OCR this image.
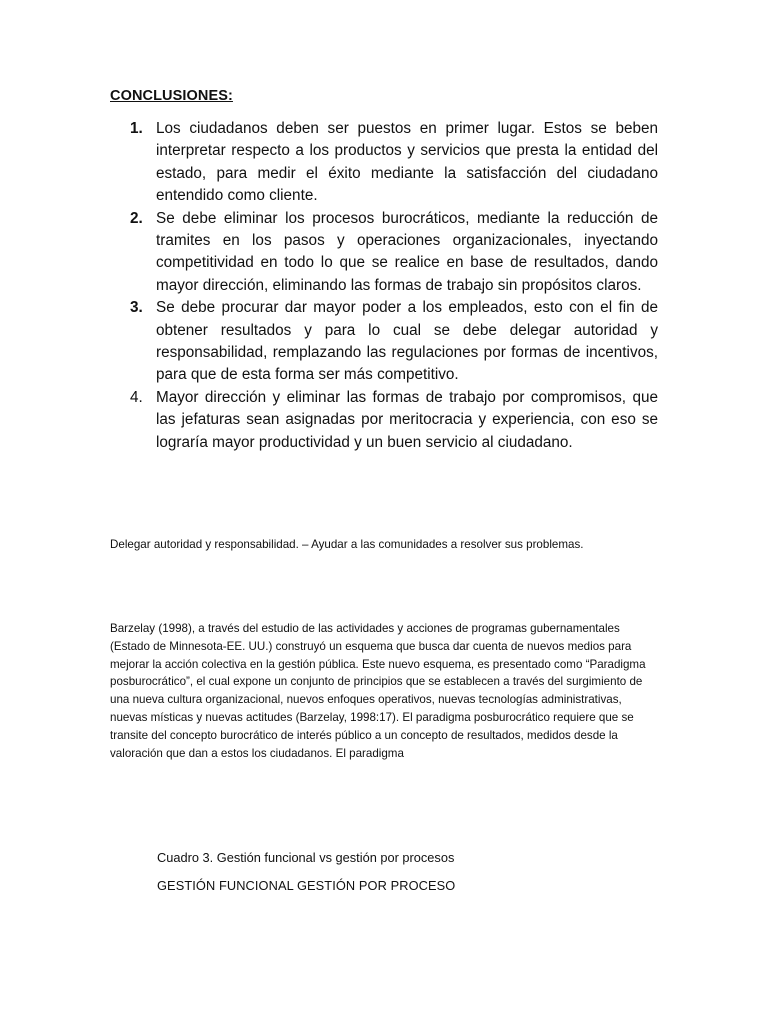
CONCLUSIONES:
1. Los ciudadanos deben ser puestos en primer lugar. Estos se beben interpretar respecto a los productos y servicios que presta la entidad del estado, para medir el éxito mediante la satisfacción del ciudadano entendido como cliente.
2. Se debe eliminar los procesos burocráticos, mediante la reducción de tramites en los pasos y operaciones organizacionales, inyectando competitividad en todo lo que se realice en base de resultados, dando mayor dirección, eliminando las formas de trabajo sin propósitos claros.
3. Se debe procurar dar mayor poder a los empleados, esto con el fin de obtener resultados y para lo cual se debe delegar autoridad y responsabilidad, remplazando las regulaciones por formas de incentivos, para que de esta forma ser más competitivo.
4. Mayor dirección y eliminar las formas de trabajo por compromisos, que las jefaturas sean asignadas por meritocracia y experiencia, con eso se lograría mayor productividad y un buen servicio al ciudadano.
Delegar autoridad y responsabilidad. – Ayudar a las comunidades a resolver sus problemas.
Barzelay (1998), a través del estudio de las actividades y acciones de programas gubernamentales (Estado de Minnesota-EE. UU.) construyó un esquema que busca dar cuenta de nuevos medios para mejorar la acción colectiva en la gestión pública. Este nuevo esquema, es presentado como “Paradigma posburocrático”, el cual expone un conjunto de principios que se establecen a través del surgimiento de una nueva cultura organizacional, nuevos enfoques operativos, nuevas tecnologías administrativas, nuevas místicas y nuevas actitudes (Barzelay, 1998:17). El paradigma posburocrático requiere que se transite del concepto burocrático de interés público a un concepto de resultados, medidos desde la valoración que dan a estos los ciudadanos. El paradigma
Cuadro 3. Gestión funcional vs gestión por procesos
GESTIÓN FUNCIONAL GESTIÓN POR PROCESO
